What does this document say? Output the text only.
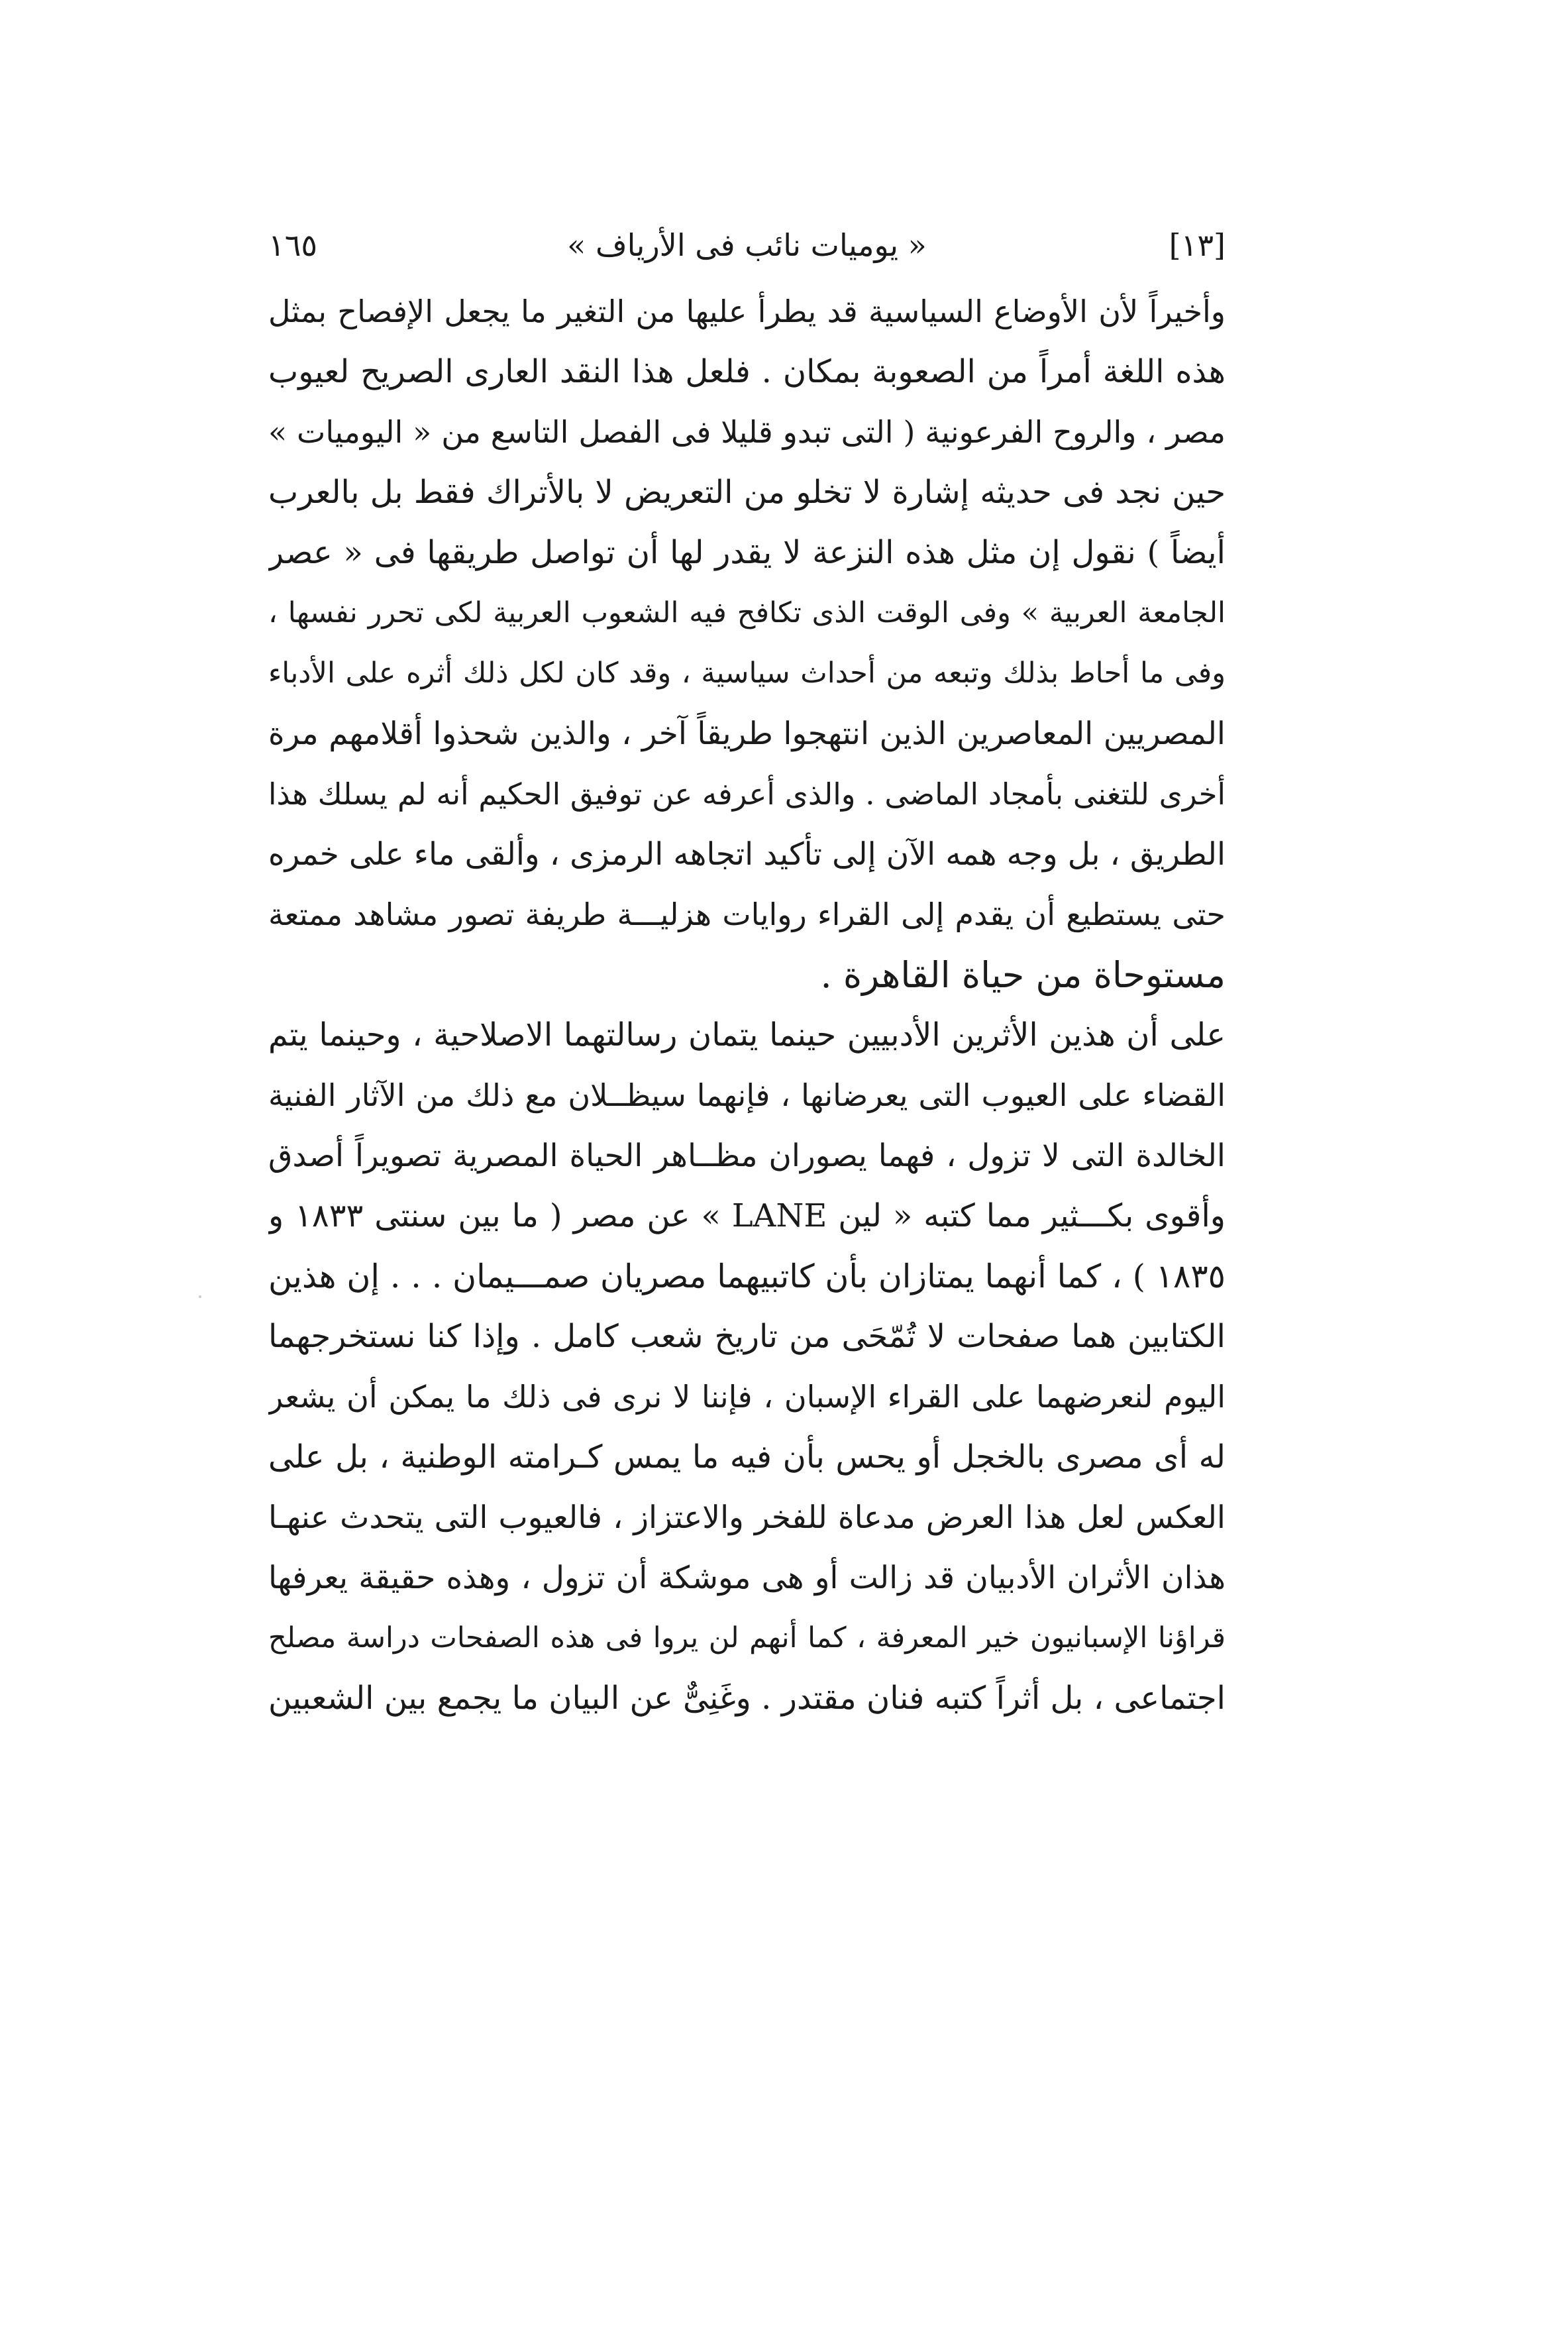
١٦٥	« يوميات نائب فى الأرياف »	[١٣]
وأخيراً لأن الأوضاع السياسية قد يطرأ عليها من التغير ما يجعل الإفصاح بمثل
هذه اللغة أمراً من الصعوبة بمكان . فلعل هذا النقد العارى الصريح لعيوب
مصر ، والروح الفرعونية ( التى تبدو قليلا فى الفصل التاسع من « اليوميات »
حين نجد فى حديثه إشارة لا تخلو من التعريض لا بالأتراك فقط بل بالعرب
أيضاً ) نقول إن مثل هذه النزعة لا يقدر لها أن تواصل طريقها فى « عصر
الجامعة العربية » وفى الوقت الذى تكافح فيه الشعوب العربية لكى تحرر نفسها ،
وفى ما أحاط بذلك وتبعه من أحداث سياسية ، وقد كان لكل ذلك أثره على الأدباء
المصريين المعاصرين الذين انتهجوا طريقاً آخر ، والذين شحذوا أقلامهم مرة
أخرى للتغنى بأمجاد الماضى . والذى أعرفه عن توفيق الحكيم أنه لم يسلك هذا
الطريق ، بل وجه همه الآن إلى تأكيد اتجاهه الرمزى ، وألقى ماء على خمره
حتى يستطيع أن يقدم إلى القراء روايات هزليـــة طريفة تصور مشاهد ممتعة
مستوحاة من حياة القاهرة .
على أن هذين الأثرين الأدبيين حينما يتمان رسالتهما الاصلاحية ، وحينما يتم
القضاء على العيوب التى يعرضانها ، فإنهما سيظــلان مع ذلك من الآثار الفنية
الخالدة التى لا تزول ، فهما يصوران مظــاهر الحياة المصرية تصويراً أصدق
وأقوى بكـــثير مما كتبه « لين LANE » عن مصر ( ما بين سنتى ١٨٣٣ و
١٨٣٥ ) ، كما أنهما يمتازان بأن كاتبيهما مصريان صمـــيمان . . . إن هذين
الكتابين هما صفحات لا تُمّحَى من تاريخ شعب كامل . وإذا كنا نستخرجهما
اليوم لنعرضهما على القراء الإسبان ، فإننا لا نرى فى ذلك ما يمكن أن يشعر
له أى مصرى بالخجل أو يحس بأن فيه ما يمس كـرامته الوطنية ، بل على
العكس لعل هذا العرض مدعاة للفخر والاعتزاز ، فالعيوب التى يتحدث عنهـا
هذان الأثران الأدبيان قد زالت أو هى موشكة أن تزول ، وهذه حقيقة يعرفها
قراؤنا الإسبانيون خير المعرفة ، كما أنهم لن يروا فى هذه الصفحات دراسة مصلح
اجتماعى ، بل أثراً كتبه فنان مقتدر . وغَنِىٌّ عن البيان ما يجمع بين الشعبين
